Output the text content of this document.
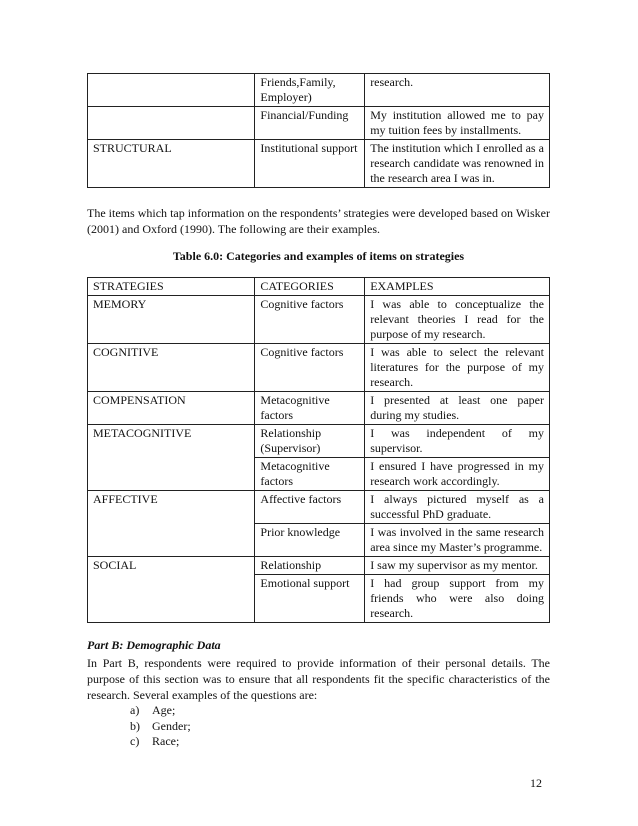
	Friends,Family, Employer)	research.
	Financial/Funding	My institution allowed me to pay my tuition fees by installments.
STRUCTURAL	Institutional support	The institution which I enrolled as a research candidate was renowned in the research area I was in.

The items which tap information on the respondents’ strategies were developed based on Wisker (2001) and Oxford (1990). The following are their examples.

Table 6.0: Categories and examples of items on strategies

STRATEGIES	CATEGORIES	EXAMPLES
MEMORY	Cognitive factors	I was able to conceptualize the relevant theories I read for the purpose of my research.
COGNITIVE	Cognitive factors	I was able to select the relevant literatures for the purpose of my research.
COMPENSATION	Metacognitive factors	I presented at least one paper during my studies.
METACOGNITIVE	Relationship (Supervisor)	I was independent of my supervisor.
	Metacognitive factors	I ensured I have progressed in my research work accordingly.
AFFECTIVE	Affective factors	I always pictured myself as a successful PhD graduate.
	Prior knowledge	I was involved in the same research area since my Master’s programme.
SOCIAL	Relationship	I saw my supervisor as my mentor.
	Emotional support	I had group support from my friends who were also doing research.

Part B: Demographic Data

In Part B, respondents were required to provide information of their personal details. The purpose of this section was to ensure that all respondents fit the specific characteristics of the research. Several examples of the questions are:

a) Age;
b) Gender;
c) Race;
12
